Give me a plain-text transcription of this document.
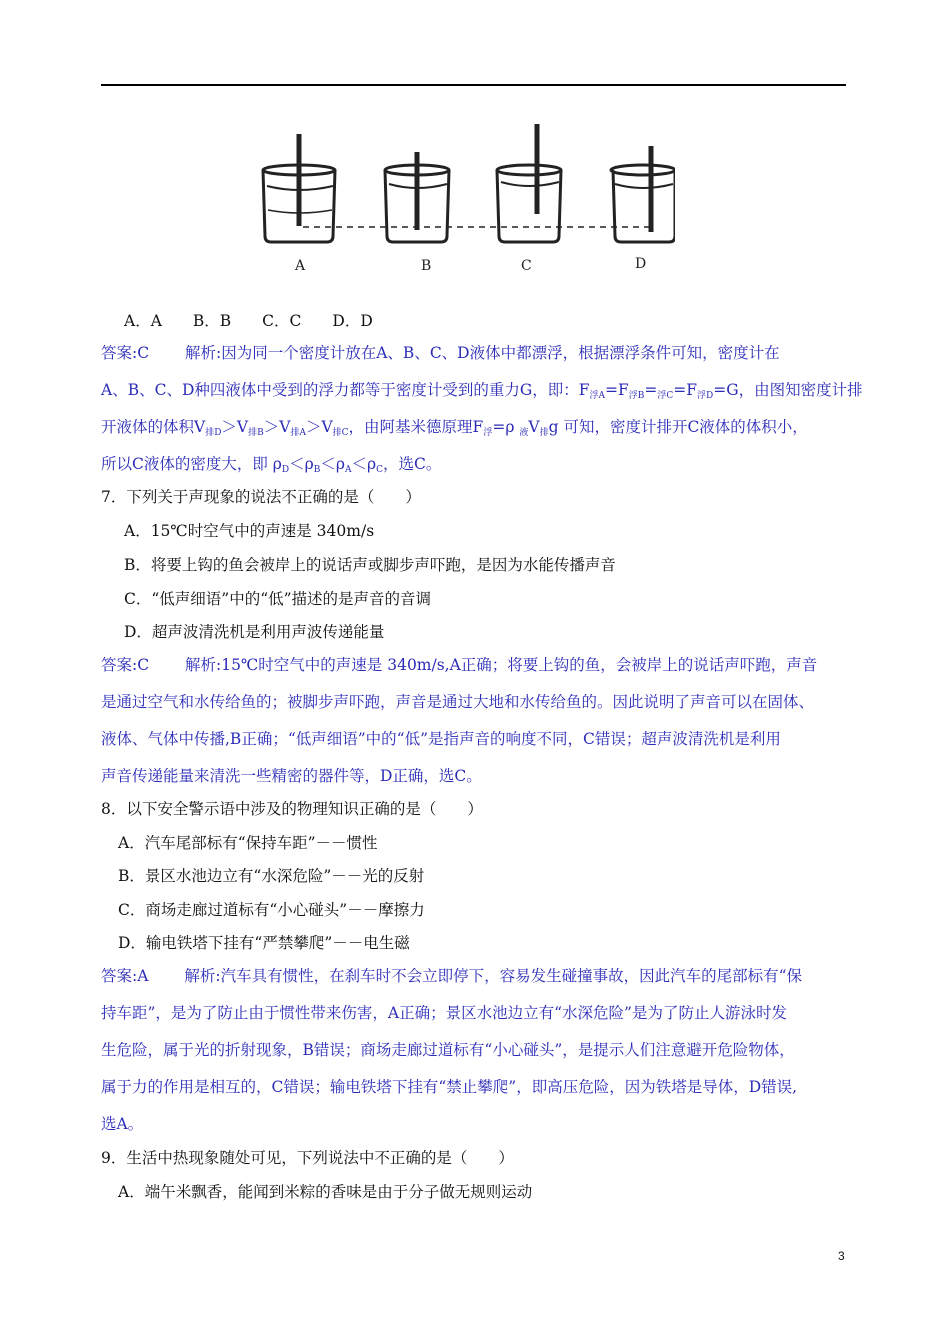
A	B	C	D
A．A　　B．B　　C．C　　D．D
答案:C　　 解析:因为同一个密度计放在A、B、C、D液体中都漂浮，根据漂浮条件可知，密度计在
A、B、C、D种四液体中受到的浮力都等于密度计受到的重力G，即：$F_{浮A}=F_{浮B}=_{浮C}=F_{浮D}=G$，由图知密度计排
开液体的体积$V_{排D}>V_{排B}>V_{排A}>V_{排C}$，由阿基米德原理$F_浮=\rho$ $_液V_排g$ 可知，密度计排开C液体的体积小，
所以C液体的密度大，即 $\rho_D<\rho_B<\rho_A<\rho_C$，选C。
7．下列关于声现象的说法不正确的是（　　）
A．15℃时空气中的声速是 340m/s
B．将要上钩的鱼会被岸上的说话声或脚步声吓跑，是因为水能传播声音
C．“低声细语”中的“低”描述的是声音的音调
D．超声波清洗机是利用声波传递能量
答案:C　　 解析:15℃时空气中的声速是 340m/s,A正确；将要上钩的鱼，会被岸上的说话声吓跑，声音
是通过空气和水传给鱼的；被脚步声吓跑，声音是通过大地和水传给鱼的。因此说明了声音可以在固体、
液体、气体中传播,B正确；“低声细语”中的“低”是指声音的响度不同，C错误；超声波清洗机是利用
声音传递能量来清洗一些精密的器件等，D正确，选C。
8．以下安全警示语中涉及的物理知识正确的是（　　）
A．汽车尾部标有“保持车距”－－惯性
B．景区水池边立有“水深危险”－－光的反射
C．商场走廊过道标有“小心碰头”－－摩擦力
D．输电铁塔下挂有“严禁攀爬”－－电生磁
答案:A　　 解析:汽车具有惯性，在刹车时不会立即停下，容易发生碰撞事故，因此汽车的尾部标有“保
持车距”，是为了防止由于惯性带来伤害，A正确；景区水池边立有“水深危险”是为了防止人游泳时发
生危险，属于光的折射现象，B错误；商场走廊过道标有“小心碰头”，是提示人们注意避开危险物体，
属于力的作用是相互的，C错误；输电铁塔下挂有“禁止攀爬”，即高压危险，因为铁塔是导体，D错误,
选A。
9．生活中热现象随处可见，下列说法中不正确的是（　　）
A．端午米飘香，能闻到米粽的香味是由于分子做无规则运动
3
